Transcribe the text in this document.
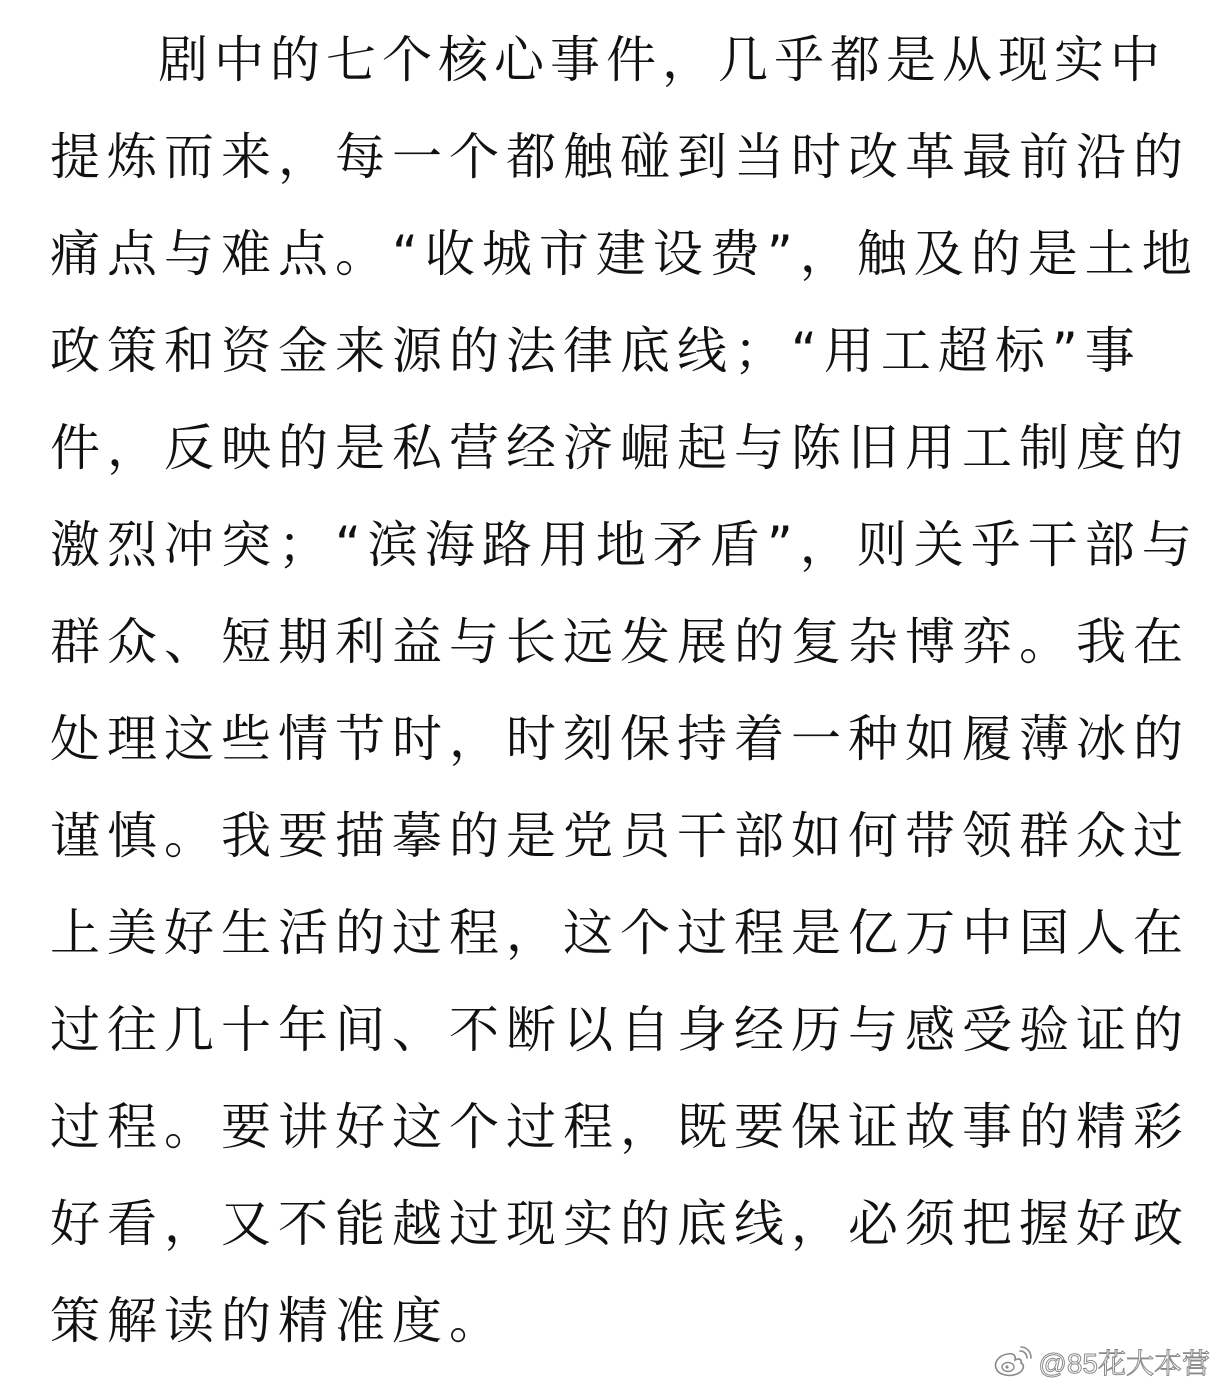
剧中的七个核心事件，几乎都是从现实中
提炼而来，每一个都触碰到当时改革最前沿的
痛点与难点。“收城市建设费”，触及的是土地
政策和资金来源的法律底线；“用工超标”事
件，反映的是私营经济崛起与陈旧用工制度的
激烈冲突；“滨海路用地矛盾”，则关乎干部与
群众、短期利益与长远发展的复杂博弈。我在
处理这些情节时，时刻保持着一种如履薄冰的
谨慎。我要描摹的是党员干部如何带领群众过
上美好生活的过程，这个过程是亿万中国人在
过往几十年间、不断以自身经历与感受验证的
过程。要讲好这个过程，既要保证故事的精彩
好看，又不能越过现实的底线，必须把握好政
策解读的精准度。
@85花大本营
